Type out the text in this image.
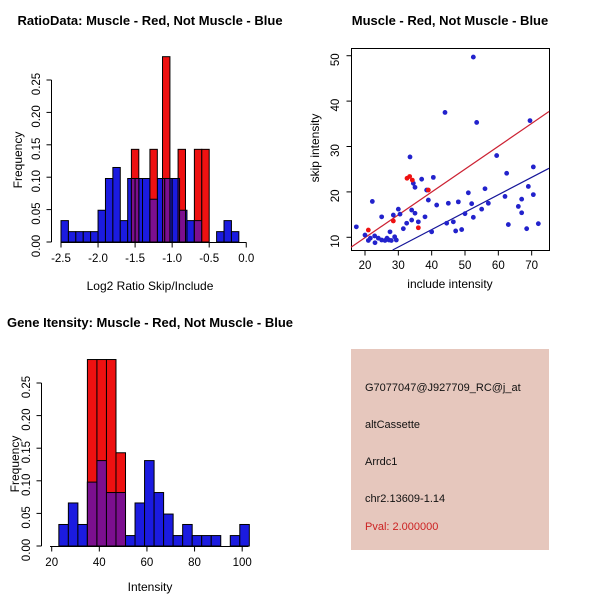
RatioData: Muscle - Red, Not Muscle - Blue
-2.5 -2.0 -1.5 -1.0 -0.5 0.0
0.00
0.05
0.10
0.15
0.20
0.25
Log2 Ratio Skip/Include
Frequency
Muscle - Red, Not Muscle - Blue
20 30 40 50 60 70
10
20
30
40
50
include intensity
skip intensity
Gene Itensity: Muscle - Red, Not Muscle - Blue
20	40	60	80	100
0.00
0.05
0.10
0.15
0.20
0.25
Intensity
Frequency
G7077047@J927709_RC@j_at
altCassette
Arrdc1
chr2.13609-1.14
Pval: 2.000000
